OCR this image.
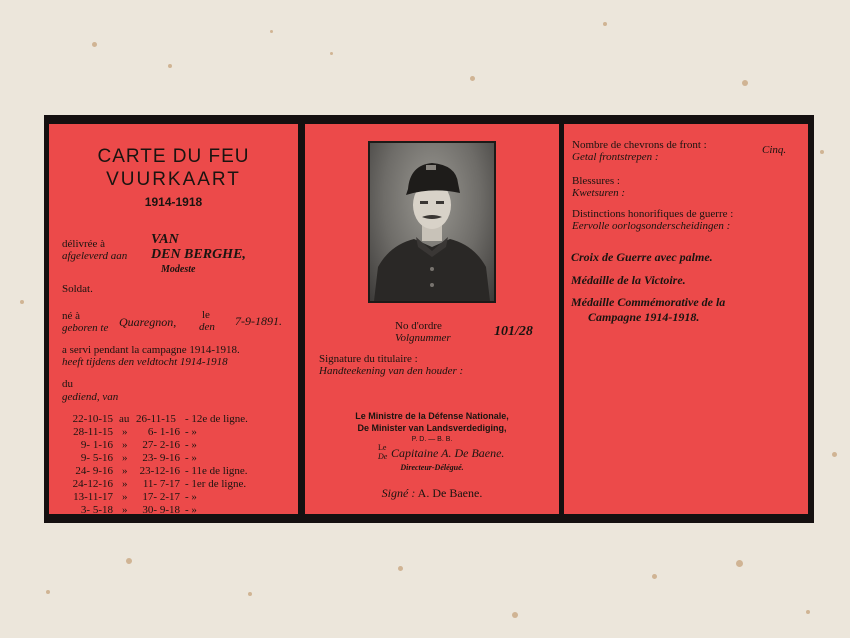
CARTE DU FEU
VUURKAART
1914-1918
délivrée à
afgeleverd aan
VAN
DEN BERGHE,
Modeste
Soldat.
né à
geboren te Quaregnon, le
den 7-9-1891.
a servi pendant la campagne 1914-1918.
heeft tijdens den veldtocht 1914-1918
du
gediend, van
22-10-15 au 26-11-15 - 12e de ligne.
28-11-15 »	6- 1-16 - »
9- 1-16 »	27- 2-16 - »
9- 5-16 »	23- 9-16 - »
24- 9-16 »	23-12-16 - 11e de ligne.
24-12-16 »	11- 7-17 - 1er de ligne.
13-11-17 »	17- 2-17 - »
3- 5-18 »	30- 9-18 - »
No d'ordre
Volgnummer	101/28
Signature du titulaire :
Handteekening van den houder :
Le Ministre de la Défense Nationale,
De Minister van Landsverdediging,
P. D. — B. B.
Le
De Capitaine A. De Baene.
Directeur-Délégué.
Signé : A. De Baene.
Nombre de chevrons de front :
Getal frontstrepen :
Cinq.
Blessures :
Kwetsuren :
Distinctions honorifiques de guerre :
Eervolle oorlogsonderscheidingen :
Croix de Guerre avec palme.
Médaille de la Victoire.
Médaille Commémorative de la
Campagne 1914-1918.
